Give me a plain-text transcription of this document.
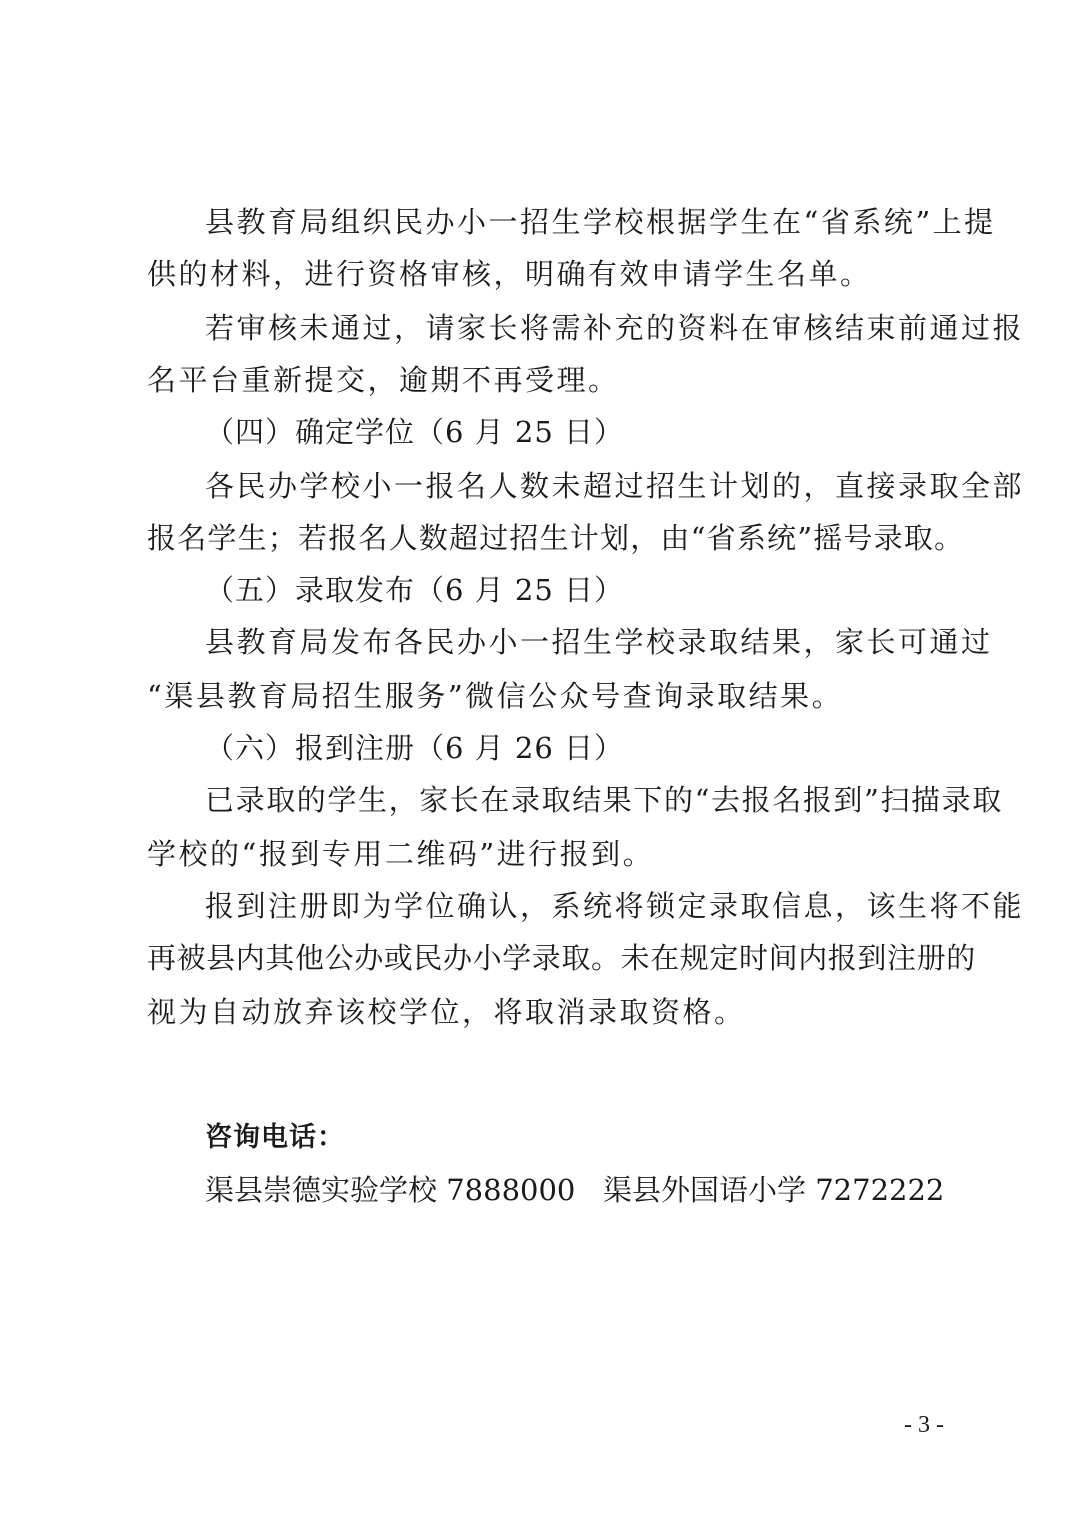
县教育局组织民办小一招生学校根据学生在“省系统”上提

供的材料，进行资格审核，明确有效申请学生名单。

若审核未通过，请家长将需补充的资料在审核结束前通过报

名平台重新提交，逾期不再受理。

（四）确定学位（6 月 25 日）

各民办学校小一报名人数未超过招生计划的，直接录取全部

报名学生；若报名人数超过招生计划，由“省系统”摇号录取。

（五）录取发布（6 月 25 日）

县教育局发布各民办小一招生学校录取结果，家长可通过

“渠县教育局招生服务”微信公众号查询录取结果。

（六）报到注册（6 月 26 日）

已录取的学生，家长在录取结果下的“去报名报到”扫描录取

学校的“报到专用二维码”进行报到。

报到注册即为学位确认，系统将锁定录取信息，该生将不能

再被县内其他公办或民办小学录取。未在规定时间内报到注册的

视为自动放弃该校学位，将取消录取资格。

咨询电话：

渠县崇德实验学校 7888000 渠县外国语小学 7272222

- 3 -
